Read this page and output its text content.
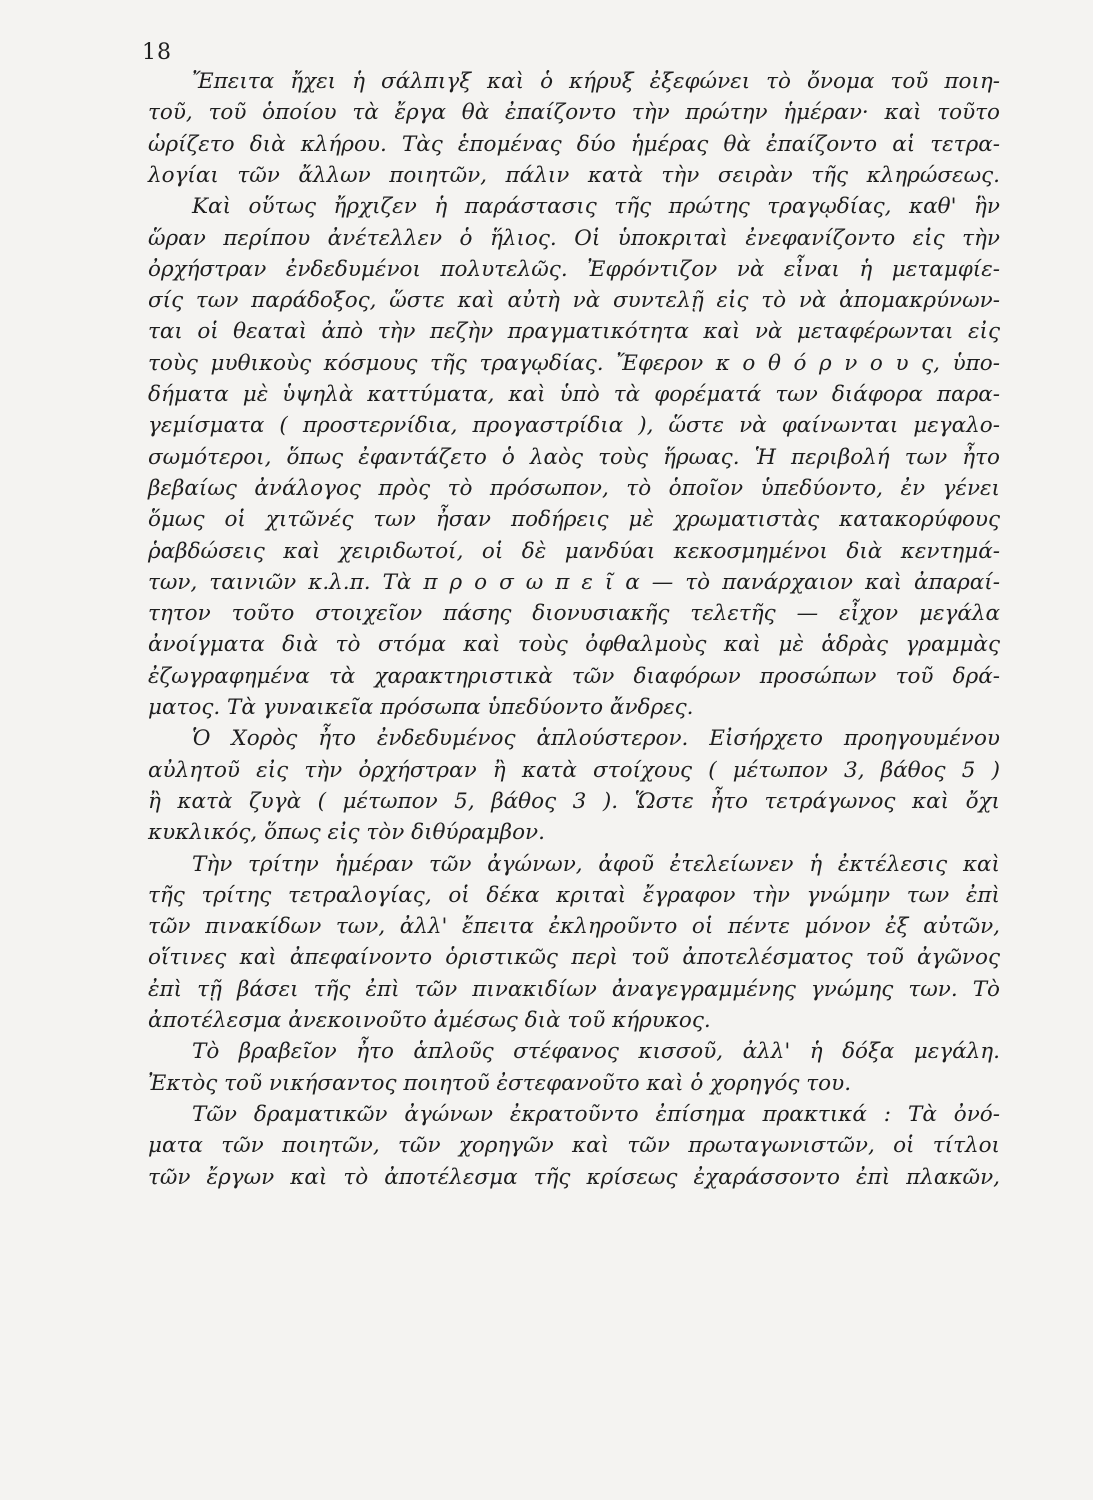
18
Ἔπειτα ἤχει ἡ σάλπιγξ καὶ ὁ κήρυξ ἐξεφώνει τὸ ὄνομα τοῦ ποιη-
τοῦ, τοῦ ὁποίου τὰ ἔργα θὰ ἐπαίζοντο τὴν πρώτην ἡμέραν· καὶ τοῦτο
ὡρίζετο διὰ κλήρου. Τὰς ἑπομένας δύο ἡμέρας θὰ ἐπαίζοντο αἱ τετρα-
λογίαι τῶν ἄλλων ποιητῶν, πάλιν κατὰ τὴν σειρὰν τῆς κληρώσεως.
Καὶ οὕτως ἤρχιζεν ἡ παράστασις τῆς πρώτης τραγῳδίας, καθ' ἣν
ὥραν περίπου ἀνέτελλεν ὁ ἥλιος. Οἱ ὑποκριταὶ ἐνεφανίζοντο εἰς τὴν
ὀρχήστραν ἐνδεδυμένοι πολυτελῶς. Ἐφρόντιζον νὰ εἶναι ἡ μεταμφίε-
σίς των παράδοξος, ὥστε καὶ αὐτὴ νὰ συντελῇ εἰς τὸ νὰ ἀπομακρύνων-
ται οἱ θεαταὶ ἀπὸ τὴν πεζὴν πραγματικότητα καὶ νὰ μεταφέρωνται εἰς
τοὺς μυθικοὺς κόσμους τῆς τραγῳδίας. Ἔφερον κ ο θ ό ρ ν ο υ ς, ὑπο-
δήματα μὲ ὑψηλὰ καττύματα, καὶ ὑπὸ τὰ φορέματά των διάφορα παρα-
γεμίσματα ( προστερνίδια, προγαστρίδια ), ὥστε νὰ φαίνωνται μεγαλο-
σωμότεροι, ὅπως ἐφαντάζετο ὁ λαὸς τοὺς ἥρωας. Ἡ περιβολή των ἦτο
βεβαίως ἀνάλογος πρὸς τὸ πρόσωπον, τὸ ὁποῖον ὑπεδύοντο, ἐν γένει
ὅμως οἱ χιτῶνές των ἦσαν ποδήρεις μὲ χρωματιστὰς κατακορύφους
ῥαβδώσεις καὶ χειριδωτοί, οἱ δὲ μανδύαι κεκοσμημένοι διὰ κεντημά-
των, ταινιῶν κ.λ.π. Τὰ π ρ ο σ ω π ε ῖ α — τὸ πανάρχαιον καὶ ἀπαραί-
τητον τοῦτο στοιχεῖον πάσης διονυσιακῆς τελετῆς — εἶχον μεγάλα
ἀνοίγματα διὰ τὸ στόμα καὶ τοὺς ὀφθαλμοὺς καὶ μὲ ἁδρὰς γραμμὰς
ἐζωγραφημένα τὰ χαρακτηριστικὰ τῶν διαφόρων προσώπων τοῦ δρά-
ματος. Τὰ γυναικεῖα πρόσωπα ὑπεδύοντο ἄνδρες.
Ὁ Χορὸς ἦτο ἐνδεδυμένος ἁπλούστερον. Εἰσήρχετο προηγουμένου
αὐλητοῦ εἰς τὴν ὀρχήστραν ἢ κατὰ στοίχους ( μέτωπον 3, βάθος 5 )
ἢ κατὰ ζυγὰ ( μέτωπον 5, βάθος 3 ). Ὥστε ἦτο τετράγωνος καὶ ὄχι
κυκλικός, ὅπως εἰς τὸν διθύραμβον.
Τὴν τρίτην ἡμέραν τῶν ἀγώνων, ἀφοῦ ἐτελείωνεν ἡ ἐκτέλεσις καὶ
τῆς τρίτης τετραλογίας, οἱ δέκα κριταὶ ἔγραφον τὴν γνώμην των ἐπὶ
τῶν πινακίδων των, ἀλλ' ἔπειτα ἐκληροῦντο οἱ πέντε μόνον ἐξ αὐτῶν,
οἵτινες καὶ ἀπεφαίνοντο ὁριστικῶς περὶ τοῦ ἀποτελέσματος τοῦ ἀγῶνος
ἐπὶ τῇ βάσει τῆς ἐπὶ τῶν πινακιδίων ἀναγεγραμμένης γνώμης των. Τὸ
ἀποτέλεσμα ἀνεκοινοῦτο ἀμέσως διὰ τοῦ κήρυκος.
Τὸ βραβεῖον ἦτο ἁπλοῦς στέφανος κισσοῦ, ἀλλ' ἡ δόξα μεγάλη.
Ἐκτὸς τοῦ νικήσαντος ποιητοῦ ἐστεφανοῦτο καὶ ὁ χορηγός του.
Τῶν δραματικῶν ἀγώνων ἐκρατοῦντο ἐπίσημα πρακτικά : Τὰ ὀνό-
ματα τῶν ποιητῶν, τῶν χορηγῶν καὶ τῶν πρωταγωνιστῶν, οἱ τίτλοι
τῶν ἔργων καὶ τὸ ἀποτέλεσμα τῆς κρίσεως ἐχαράσσοντο ἐπὶ πλακῶν,
